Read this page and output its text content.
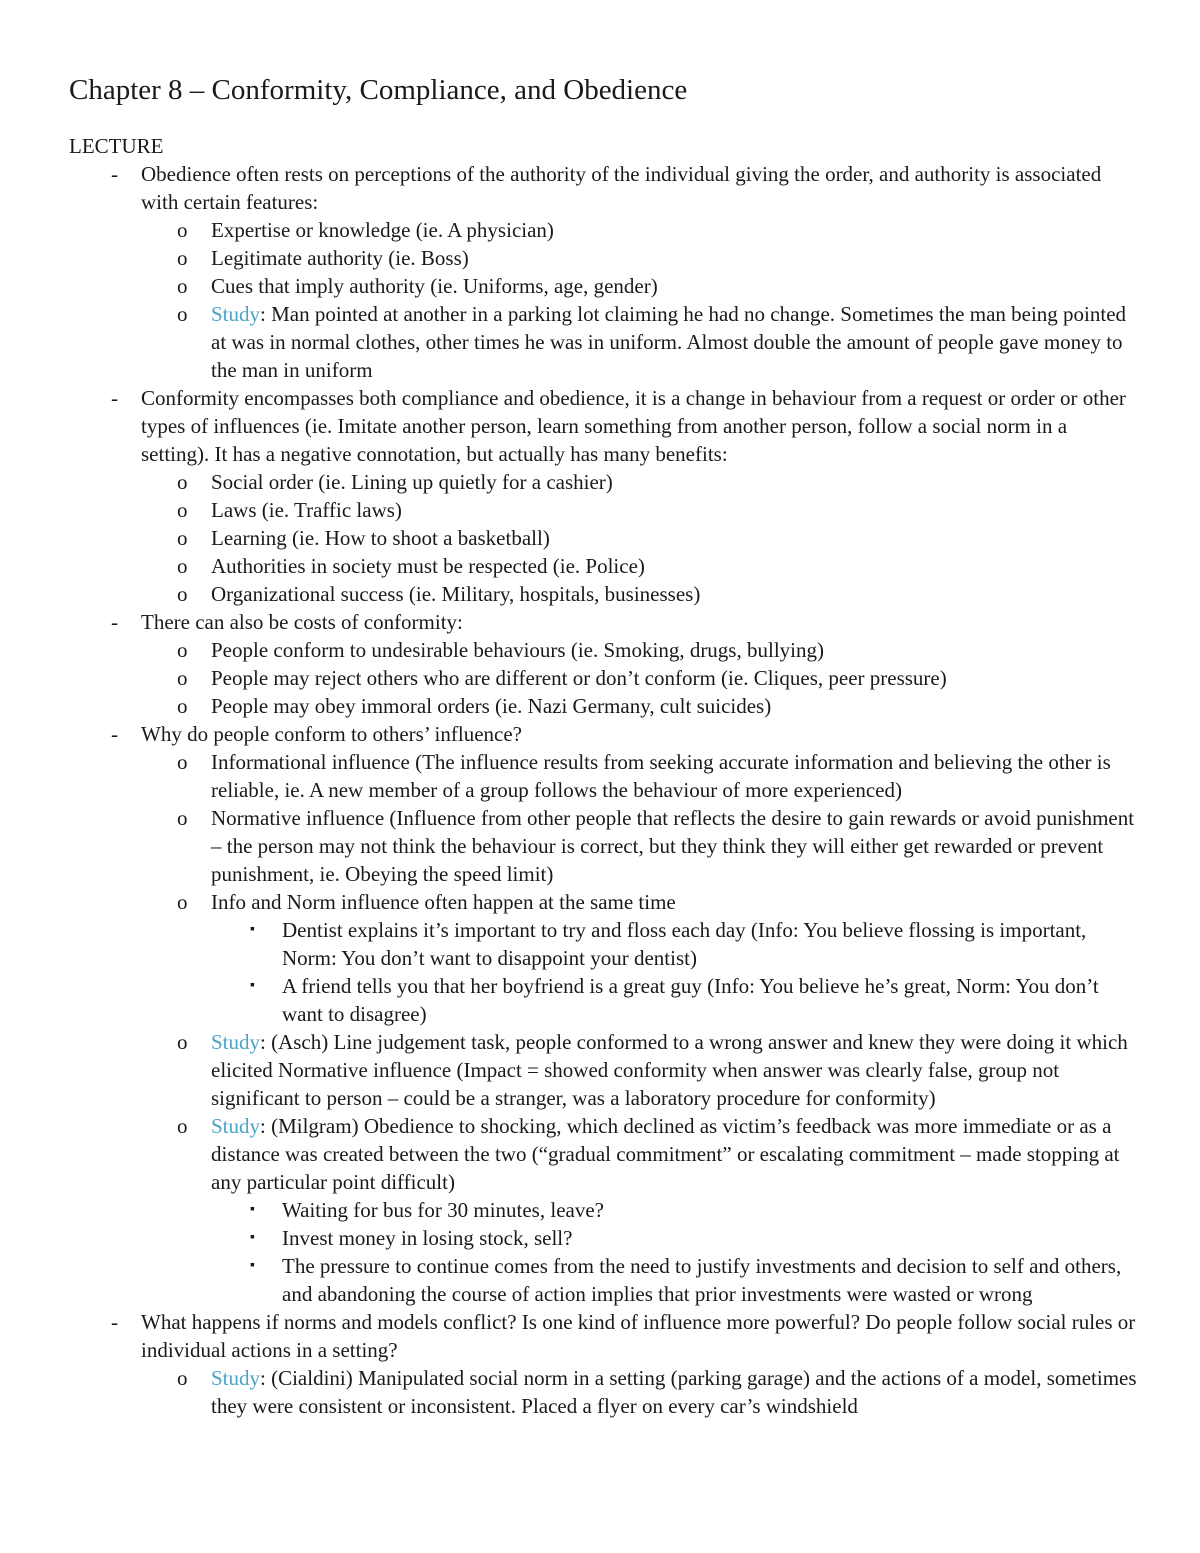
Chapter 8 – Conformity, Compliance, and Obedience
LECTURE
- Obedience often rests on perceptions of the authority of the individual giving the order, and authority is associated with certain features:
o Expertise or knowledge (ie. A physician)
o Legitimate authority (ie. Boss)
o Cues that imply authority (ie. Uniforms, age, gender)
o Study: Man pointed at another in a parking lot claiming he had no change. Sometimes the man being pointed at was in normal clothes, other times he was in uniform. Almost double the amount of people gave money to the man in uniform
- Conformity encompasses both compliance and obedience, it is a change in behaviour from a request or order or other types of influences (ie. Imitate another person, learn something from another person, follow a social norm in a setting). It has a negative connotation, but actually has many benefits:
o Social order (ie. Lining up quietly for a cashier)
o Laws (ie. Traffic laws)
o Learning (ie. How to shoot a basketball)
o Authorities in society must be respected (ie. Police)
o Organizational success (ie. Military, hospitals, businesses)
- There can also be costs of conformity:
o People conform to undesirable behaviours (ie. Smoking, drugs, bullying)
o People may reject others who are different or don’t conform (ie. Cliques, peer pressure)
o People may obey immoral orders (ie. Nazi Germany, cult suicides)
- Why do people conform to others’ influence?
o Informational influence (The influence results from seeking accurate information and believing the other is reliable, ie. A new member of a group follows the behaviour of more experienced)
o Normative influence (Influence from other people that reflects the desire to gain rewards or avoid punishment – the person may not think the behaviour is correct, but they think they will either get rewarded or prevent punishment, ie. Obeying the speed limit)
o Info and Norm influence often happen at the same time
▪ Dentist explains it’s important to try and floss each day (Info: You believe flossing is important, Norm: You don’t want to disappoint your dentist)
▪ A friend tells you that her boyfriend is a great guy (Info: You believe he’s great, Norm: You don’t want to disagree)
o Study: (Asch) Line judgement task, people conformed to a wrong answer and knew they were doing it which elicited Normative influence (Impact = showed conformity when answer was clearly false, group not significant to person – could be a stranger, was a laboratory procedure for conformity)
o Study: (Milgram) Obedience to shocking, which declined as victim’s feedback was more immediate or as a distance was created between the two (“gradual commitment” or escalating commitment – made stopping at any particular point difficult)
▪ Waiting for bus for 30 minutes, leave?
▪ Invest money in losing stock, sell?
▪ The pressure to continue comes from the need to justify investments and decision to self and others, and abandoning the course of action implies that prior investments were wasted or wrong
- What happens if norms and models conflict? Is one kind of influence more powerful? Do people follow social rules or individual actions in a setting?
o Study: (Cialdini) Manipulated social norm in a setting (parking garage) and the actions of a model, sometimes they were consistent or inconsistent. Placed a flyer on every car’s windshield
